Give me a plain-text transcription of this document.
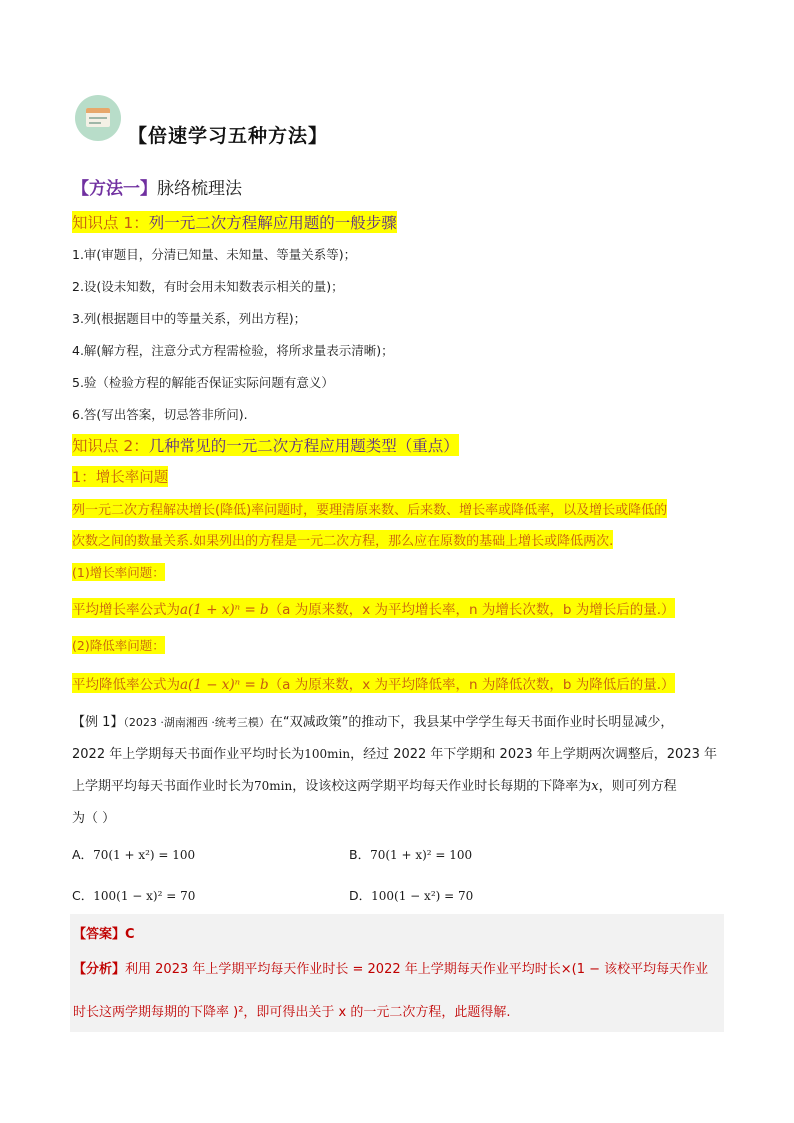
【倍速学习五种方法】
【方法一】脉络梳理法
知识点 1：列一元二次方程解应用题的一般步骤
1.审(审题目，分清已知量、未知量、等量关系等)；
2.设(设未知数，有时会用未知数表示相关的量)；
3.列(根据题目中的等量关系，列出方程)；
4.解(解方程，注意分式方程需检验，将所求量表示清晰)；
5.验（检验方程的解能否保证实际问题有意义）
6.答(写出答案，切忌答非所问).
知识点 2：几种常见的一元二次方程应用题类型（重点）
1：增长率问题
列一元二次方程解决增长(降低)率问题时，要理清原来数、后来数、增长率或降低率，以及增长或降低的
次数之间的数量关系.如果列出的方程是一元二次方程，那么应在原数的基础上增长或降低两次.
(1)增长率问题：
平均增长率公式为a(1 + x)ⁿ = b（a 为原来数，x 为平均增长率，n 为增长次数，b 为增长后的量.）
(2)降低率问题：
平均降低率公式为a(1 − x)ⁿ = b（a 为原来数，x 为平均降低率，n 为降低次数，b 为降低后的量.）
【例 1】（2023 ·湖南湘西 ·统考三模）在“双减政策”的推动下，我县某中学学生每天书面作业时长明显减少，
2022 年上学期每天书面作业平均时长为100min，经过 2022 年下学期和 2023 年上学期两次调整后，2023 年
上学期平均每天书面作业时长为70min，设该校这两学期平均每天作业时长每期的下降率为x，则可列方程
为（ ）
A．70(1 + x²) = 100	B．70(1 + x)² = 100
C．100(1 − x)² = 70	D．100(1 − x²) = 70
【答案】C
【分析】利用 2023 年上学期平均每天作业时长 = 2022 年上学期每天作业平均时长×(1 − 该校平均每天作业
时长这两学期每期的下降率 )²，即可得出关于 x 的一元二次方程，此题得解.
